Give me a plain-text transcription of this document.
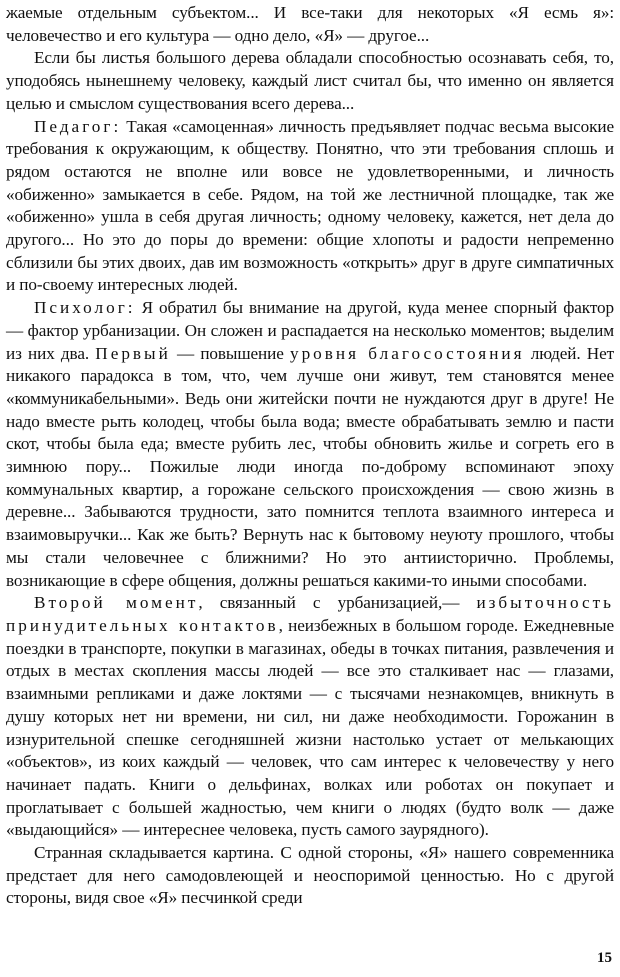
жаемые отдельным субъектом... И все-таки для некоторых «Я есмь я»: человечество и его культура — одно дело, «Я» — другое...

Если бы листья большого дерева обладали способностью осознавать себя, то, уподобясь нынешнему человеку, каждый лист считал бы, что именно он является целью и смыслом существования всего дерева...

Педагог: Такая «самоценная» личность предъявляет подчас весьма высокие требования к окружающим, к обществу. Понятно, что эти требования сплошь и рядом остаются не вполне или вовсе не удовлетворенными, и личность «обиженно» замыкается в себе. Рядом, на той же лестничной площадке, так же «обиженно» ушла в себя другая личность; одному человеку, кажется, нет дела до другого... Но это до поры до времени: общие хлопоты и радости непременно сблизили бы этих двоих, дав им возможность «открыть» друг в друге симпатичных и по-своему интересных людей.

Психолог: Я обратил бы внимание на другой, куда менее спорный фактор — фактор урбанизации. Он сложен и распадается на несколько моментов; выделим из них два. Первый — повышение уровня благосостояния людей. Нет никакого парадокса в том, что, чем лучше они живут, тем становятся менее «коммуникабельными». Ведь они житейски почти не нуждаются друг в друге! Не надо вместе рыть колодец, чтобы была вода; вместе обрабатывать землю и пасти скот, чтобы была еда; вместе рубить лес, чтобы обновить жилье и согреть его в зимнюю пору... Пожилые люди иногда по-доброму вспоминают эпоху коммунальных квартир, а горожане сельского происхождения — свою жизнь в деревне... Забываются трудности, зато помнится теплота взаимного интереса и взаимовыручки... Как же быть? Вернуть нас к бытовому неуюту прошлого, чтобы мы стали человечнее с ближними? Но это антиисторично. Проблемы, возникающие в сфере общения, должны решаться какими-то иными способами.

Второй момент, связанный с урбанизацией,— избыточность принудительных контактов, неизбежных в большом городе. Ежедневные поездки в транспорте, покупки в магазинах, обеды в точках питания, развлечения и отдых в местах скопления массы людей — все это сталкивает нас — глазами, взаимными репликами и даже локтями — с тысячами незнакомцев, вникнуть в душу которых нет ни времени, ни сил, ни даже необходимости. Горожанин в изнурительной спешке сегодняшней жизни настолько устает от мелькающих «объектов», из коих каждый — человек, что сам интерес к человечеству у него начинает падать. Книги о дельфинах, волках или роботах он покупает и проглатывает с большей жадностью, чем книги о людях (будто волк — даже «выдающийся» — интереснее человека, пусть самого заурядного).

Странная складывается картина. С одной стороны, «Я» нашего современника предстает для него самодовлеющей и неоспоримой ценностью. Но с другой стороны, видя свое «Я» песчинкой среди

15
